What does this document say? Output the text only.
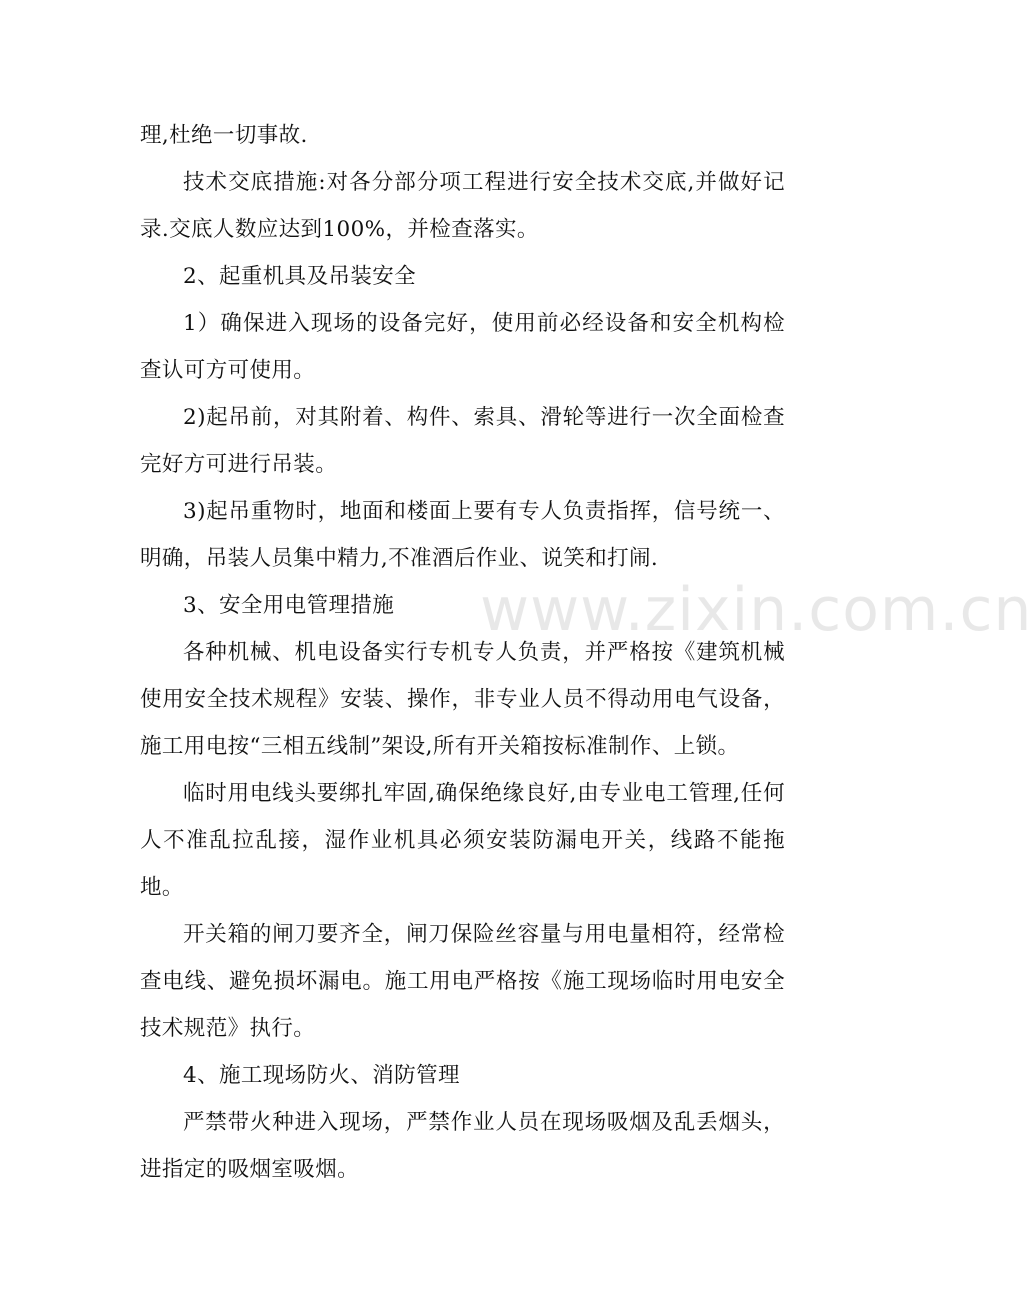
理,杜绝一切事故.

技术交底措施:对各分部分项工程进行安全技术交底,并做好记录.交底人数应达到100%，并检查落实。

2、起重机具及吊装安全

1）确保进入现场的设备完好，使用前必经设备和安全机构检查认可方可使用。

2)起吊前，对其附着、构件、索具、滑轮等进行一次全面检查完好方可进行吊装。

3)起吊重物时，地面和楼面上要有专人负责指挥，信号统一、明确，吊装人员集中精力,不准酒后作业、说笑和打闹.

3、安全用电管理措施

各种机械、机电设备实行专机专人负责，并严格按《建筑机械使用安全技术规程》安装、操作，非专业人员不得动用电气设备，施工用电按“三相五线制”架设,所有开关箱按标准制作、上锁。

临时用电线头要绑扎牢固,确保绝缘良好,由专业电工管理,任何人不准乱拉乱接，湿作业机具必须安装防漏电开关，线路不能拖地。

开关箱的闸刀要齐全，闸刀保险丝容量与用电量相符，经常检查电线、避免损坏漏电。施工用电严格按《施工现场临时用电安全技术规范》执行。

4、施工现场防火、消防管理

严禁带火种进入现场，严禁作业人员在现场吸烟及乱丢烟头，进指定的吸烟室吸烟。

www.zixin.com.cn
